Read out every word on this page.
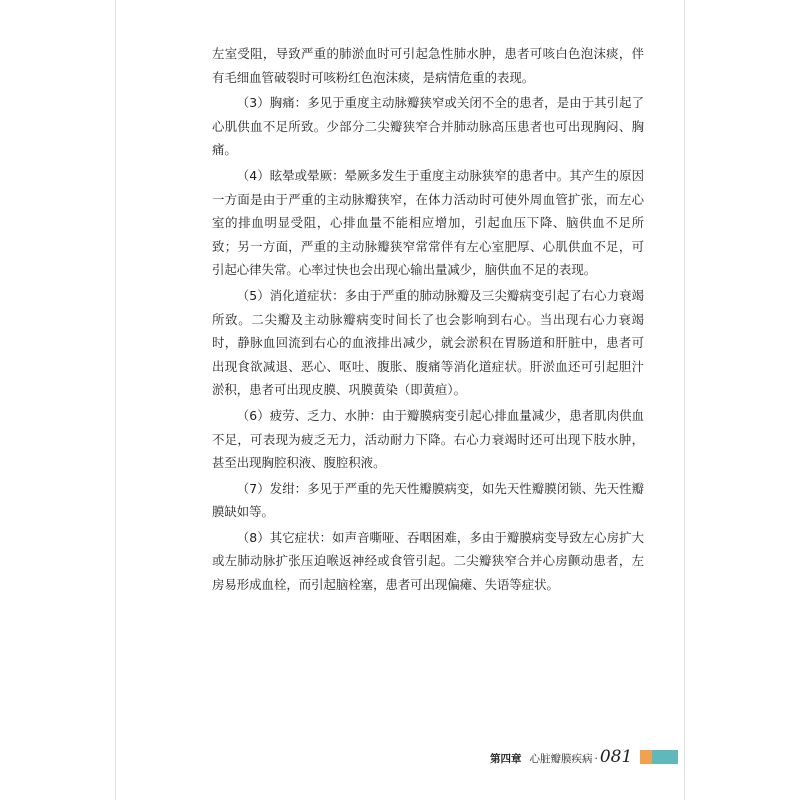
左室受阻，导致严重的肺淤血时可引起急性肺水肿，患者可咳白色泡沫痰，伴有毛细血管破裂时可咳粉红色泡沫痰，是病情危重的表现。

（3）胸痛：多见于重度主动脉瓣狭窄或关闭不全的患者，是由于其引起了心肌供血不足所致。少部分二尖瓣狭窄合并肺动脉高压患者也可出现胸闷、胸痛。

（4）眩晕或晕厥：晕厥多发生于重度主动脉狭窄的患者中。其产生的原因一方面是由于严重的主动脉瓣狭窄，在体力活动时可使外周血管扩张，而左心室的排血明显受阻，心排血量不能相应增加，引起血压下降、脑供血不足所致；另一方面，严重的主动脉瓣狭窄常常伴有左心室肥厚、心肌供血不足，可引起心律失常。心率过快也会出现心输出量减少，脑供血不足的表现。

（5）消化道症状：多由于严重的肺动脉瓣及三尖瓣病变引起了右心力衰竭所致。二尖瓣及主动脉瓣病变时间长了也会影响到右心。当出现右心力衰竭时，静脉血回流到右心的血液排出减少，就会淤积在胃肠道和肝脏中，患者可出现食欲减退、恶心、呕吐、腹胀、腹痛等消化道症状。肝淤血还可引起胆汁淤积，患者可出现皮膜、巩膜黄染（即黄疸）。

（6）疲劳、乏力、水肿：由于瓣膜病变引起心排血量减少，患者肌肉供血不足，可表现为疲乏无力，活动耐力下降。右心力衰竭时还可出现下肢水肿，甚至出现胸腔积液、腹腔积液。

（7）发绀：多见于严重的先天性瓣膜病变，如先天性瓣膜闭锁、先天性瓣膜缺如等。

（8）其它症状：如声音嘶哑、吞咽困难，多由于瓣膜病变导致左心房扩大或左肺动脉扩张压迫喉返神经或食管引起。二尖瓣狭窄合并心房颤动患者，左房易形成血栓，而引起脑栓塞，患者可出现偏瘫、失语等症状。

第四章 心脏瓣膜疾病 · 081
